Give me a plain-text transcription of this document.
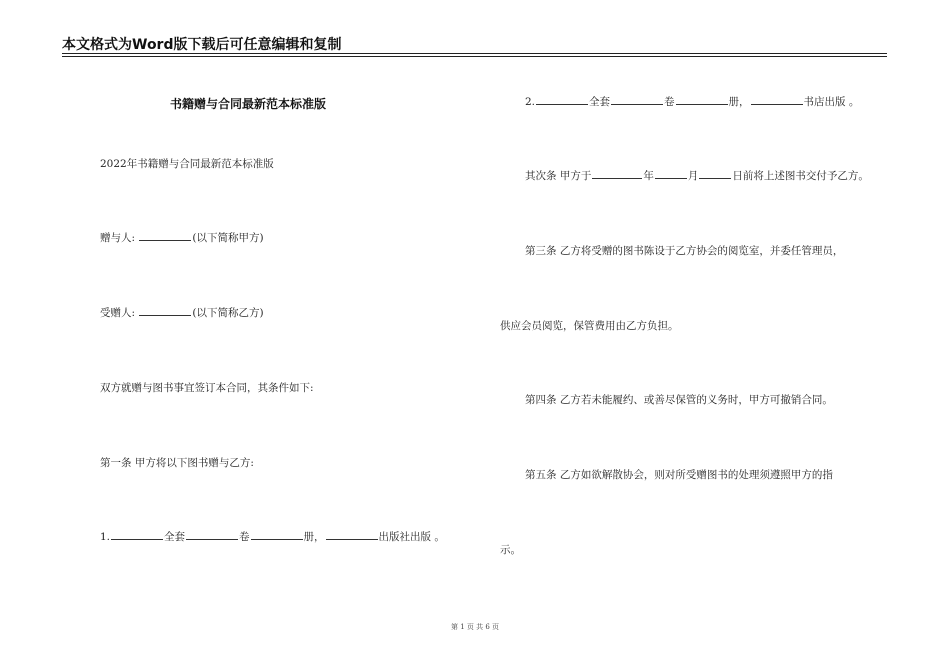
本文格式为Word版下载后可任意编辑和复制
书籍赠与合同最新范本标准版
2022年书籍赠与合同最新范本标准版
赠与人:	(以下简称甲方)
受赠人:	(以下简称乙方)
双方就赠与图书事宜签订本合同，其条件如下:
第一条 甲方将以下图书赠与乙方:
1.	全套	卷	册，	出版社出版 。
2.	全套	卷	册，	书店出版 。
其次条 甲方于	年	月	日前将上述图书交付予乙方。
第三条 乙方将受赠的图书陈设于乙方协会的阅览室，并委任管理员，
供应会员阅览，保管费用由乙方负担。
第四条 乙方若未能履约、或善尽保管的义务时，甲方可撤销合同。
第五条 乙方如欲解散协会，则对所受赠图书的处理须遵照甲方的指
示。
第 1 页 共 6 页
